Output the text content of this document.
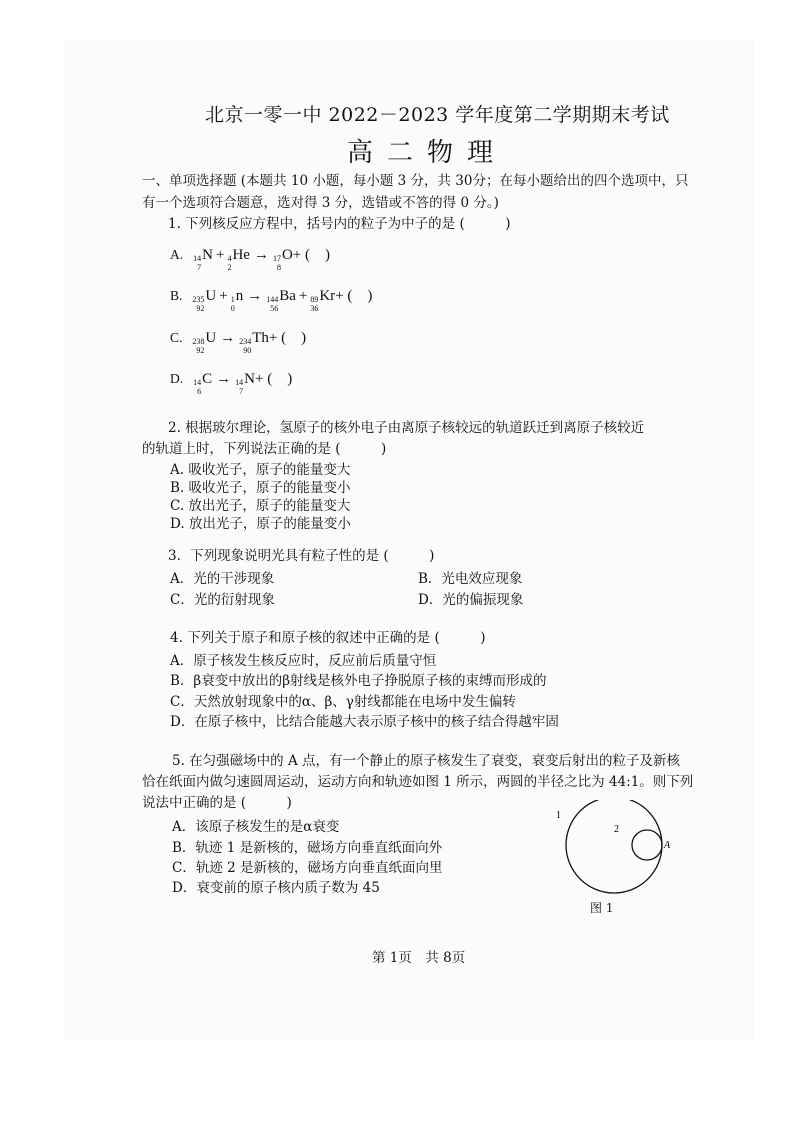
北京一零一中 2022－2023 学年度第二学期期末考试
高二物理
一、单项选择题 (本题共 10 小题，每小题 3 分，共 30分；在每小题给出的四个选项中，只
有一个选项符合题意，选对得 3 分，选错或不答的得 0 分。)
1. 下列核反应方程中，括号内的粒子为中子的是 (　　　)
A. 14
7
N + 4
2
He → 17
8
O + (　)
B. 235
92
U + 1
0
n → 144
56
Ba + 89
36
Kr + (　)
C. 238
92
U → 234
90
Th + (　)
D. 14
6
C → 14
7
N + (　)
2. 根据玻尔理论，氢原子的核外电子由离原子核较远的轨道跃迁到离原子核较近
的轨道上时，下列说法正确的是 (　　　)
A. 吸收光子，原子的能量变大
B. 吸收光子，原子的能量变小
C. 放出光子，原子的能量变大
D. 放出光子，原子的能量变小
3．下列现象说明光具有粒子性的是 (　　　)
A．光的干涉现象	B．光电效应现象
C．光的衍射现象	D．光的偏振现象
4. 下列关于原子和原子核的叙述中正确的是 (　　　)
A．原子核发生核反应时，反应前后质量守恒
B．β衰变中放出的β射线是核外电子挣脱原子核的束缚而形成的
C．天然放射现象中的α、β、γ射线都能在电场中发生偏转
D．在原子核中，比结合能越大表示原子核中的核子结合得越牢固
5. 在匀强磁场中的 A 点，有一个静止的原子核发生了衰变，衰变后射出的粒子及新核
恰在纸面内做匀速圆周运动，运动方向和轨迹如图 1 所示，两圆的半径之比为 44:1。则下列
说法中正确的是 (　　　)
A．该原子核发生的是α衰变
B．轨迹 1 是新核的，磁场方向垂直纸面向外
C．轨迹 2 是新核的，磁场方向垂直纸面向里
D．衰变前的原子核内质子数为 45
1
2
A
图 1
第 1页　共 8页
